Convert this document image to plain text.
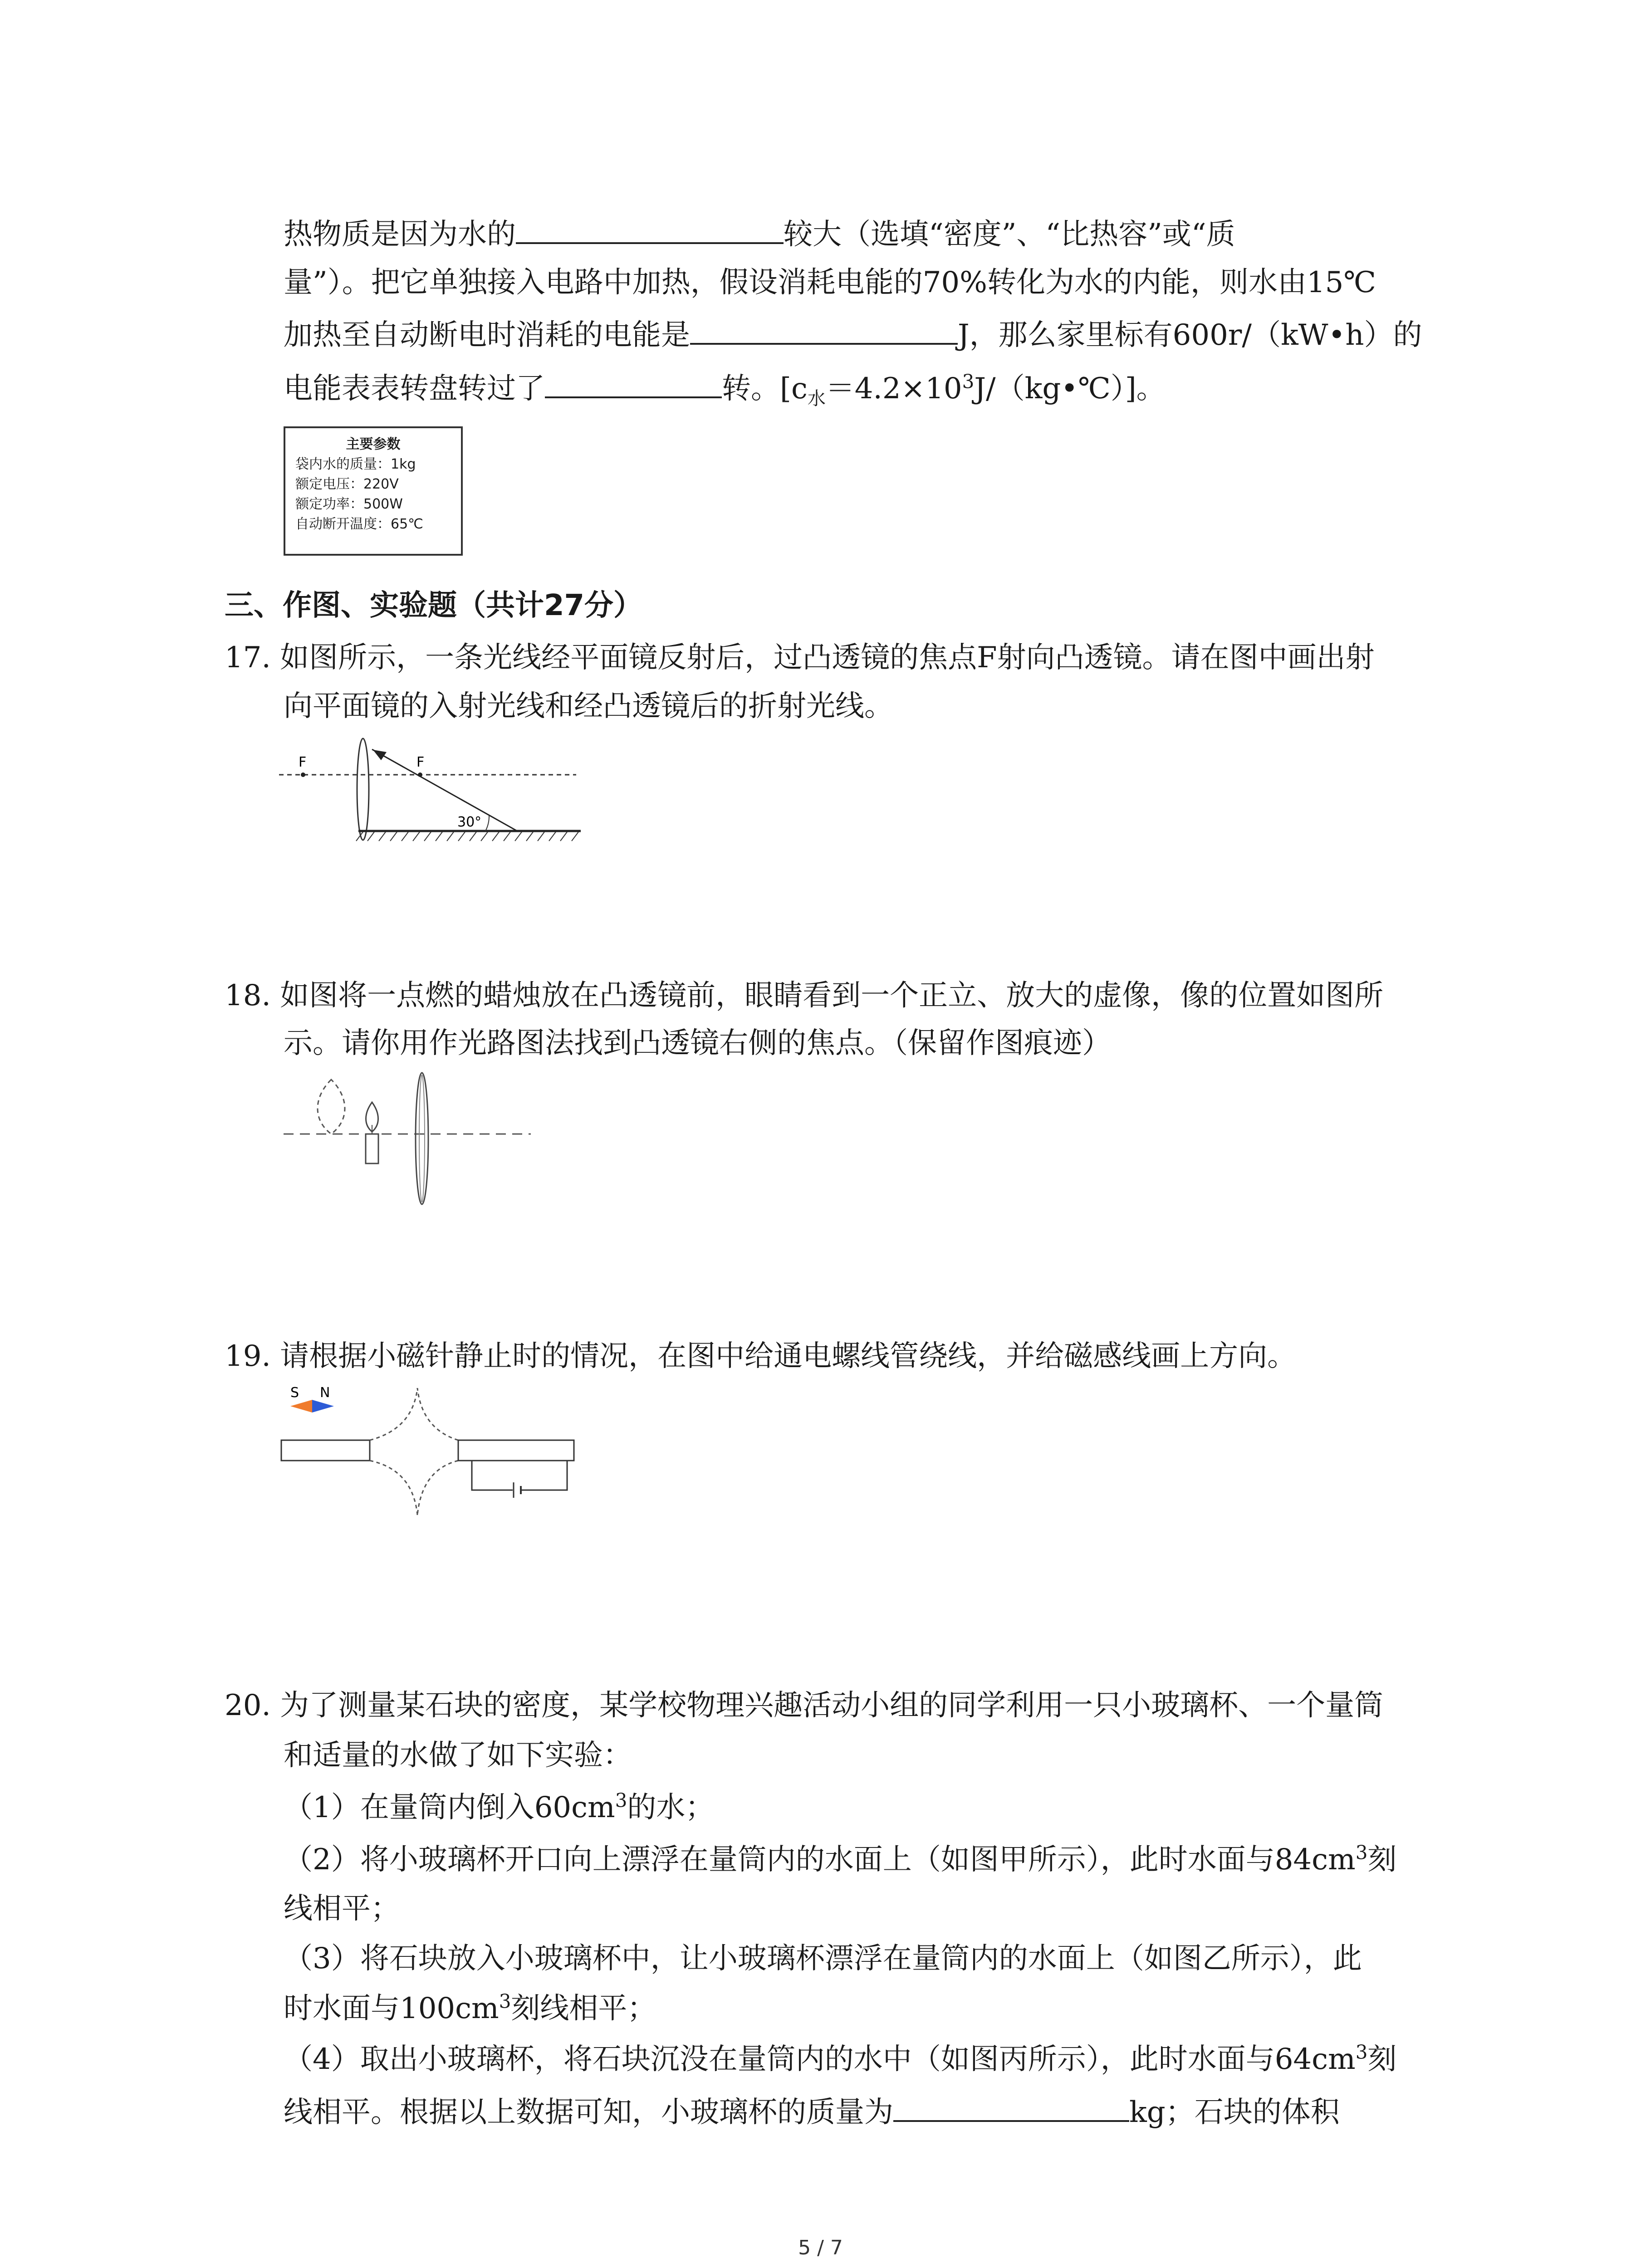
热物质是因为水的	较大（选填“密度”、“比热容”或“质
量”）。把它单独接入电路中加热，假设消耗电能的70%转化为水的内能，则水由15℃
加热至自动断电时消耗的电能是	J，那么家里标有600r/（kW•h）的
电能表表转盘转过了	转。$[c_水=4.2\times 10^3J/(kg•℃)]$。
主要参数
袋内水的质量：1kg
额定电压：220V
额定功率：500W
自动断开温度：65℃
三、作图、实验题（共计27分）
17. 如图所示，一条光线经平面镜反射后，过凸透镜的焦点F射向凸透镜。请在图中画出射
向平面镜的入射光线和经凸透镜后的折射光线。
F	F
30°
18. 如图将一点燃的蜡烛放在凸透镜前，眼睛看到一个正立、放大的虚像，像的位置如图所
示。请你用作光路图法找到凸透镜右侧的焦点。（保留作图痕迹）
19. 请根据小磁针静止时的情况，在图中给通电螺线管绕线，并给磁感线画上方向。
S N
20. 为了测量某石块的密度，某学校物理兴趣活动小组的同学利用一只小玻璃杯、一个量筒
和适量的水做了如下实验：
（1）在量筒内倒入$60cm^3$的水；
（2）将小玻璃杯开口向上漂浮在量筒内的水面上（如图甲所示），此时水面与$84cm^3$刻
线相平；
（3）将石块放入小玻璃杯中，让小玻璃杯漂浮在量筒内的水面上（如图乙所示），此
时水面与$100cm^3$刻线相平；
（4）取出小玻璃杯，将石块沉没在量筒内的水中（如图丙所示），此时水面与$64cm^3$刻
线相平。根据以上数据可知，小玻璃杯的质量为	kg；石块的体积
5 / 7
